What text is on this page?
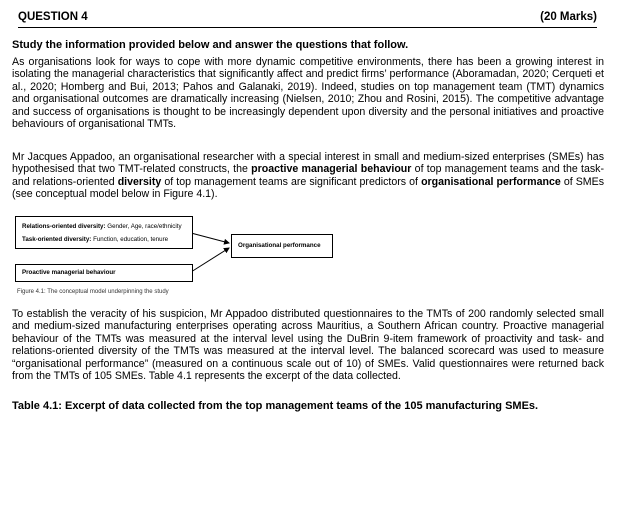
QUESTION 4	(20 Marks)
Study the information provided below and answer the questions that follow.
As organisations look for ways to cope with more dynamic competitive environments, there has been a growing interest in isolating the managerial characteristics that significantly affect and predict firms’ performance (Aboramadan, 2020; Cerqueti et al., 2020; Homberg and Bui, 2013; Pahos and Galanaki, 2019). Indeed, studies on top management team (TMT) dynamics and organisational outcomes are dramatically increasing (Nielsen, 2010; Zhou and Rosini, 2015). The competitive advantage and success of organisations is thought to be increasingly dependent upon diversity and the personal initiatives and proactive behaviours of organisational TMTs.
Mr Jacques Appadoo, an organisational researcher with a special interest in small and medium-sized enterprises (SMEs) has hypothesised that two TMT-related constructs, the proactive managerial behaviour of top management teams and the task- and relations-oriented diversity of top management teams are significant predictors of organisational performance of SMEs (see conceptual model below in Figure 4.1).
Relations-oriented diversity: Gender, Age, race/ethnicity
Task-oriented diversity: Function, education, tenure
Organisational performance
Proactive managerial behaviour
Figure 4.1: The conceptual model underpinning the study
To establish the veracity of his suspicion, Mr Appadoo distributed questionnaires to the TMTs of 200 randomly selected small and medium-sized manufacturing enterprises operating across Mauritius, a Southern African country. Proactive managerial behaviour of the TMTs was measured at the interval level using the DuBrin 9-item framework of proactivity and task- and relations-oriented diversity of the TMTs was measured at the interval level. The balanced scorecard was used to measure “organisational performance” (measured on a continuous scale out of 10) of SMEs. Valid questionnaires were returned back from the TMTs of 105 SMEs. Table 4.1 represents the excerpt of the data collected.
Table 4.1: Excerpt of data collected from the top management teams of the 105 manufacturing SMEs.
